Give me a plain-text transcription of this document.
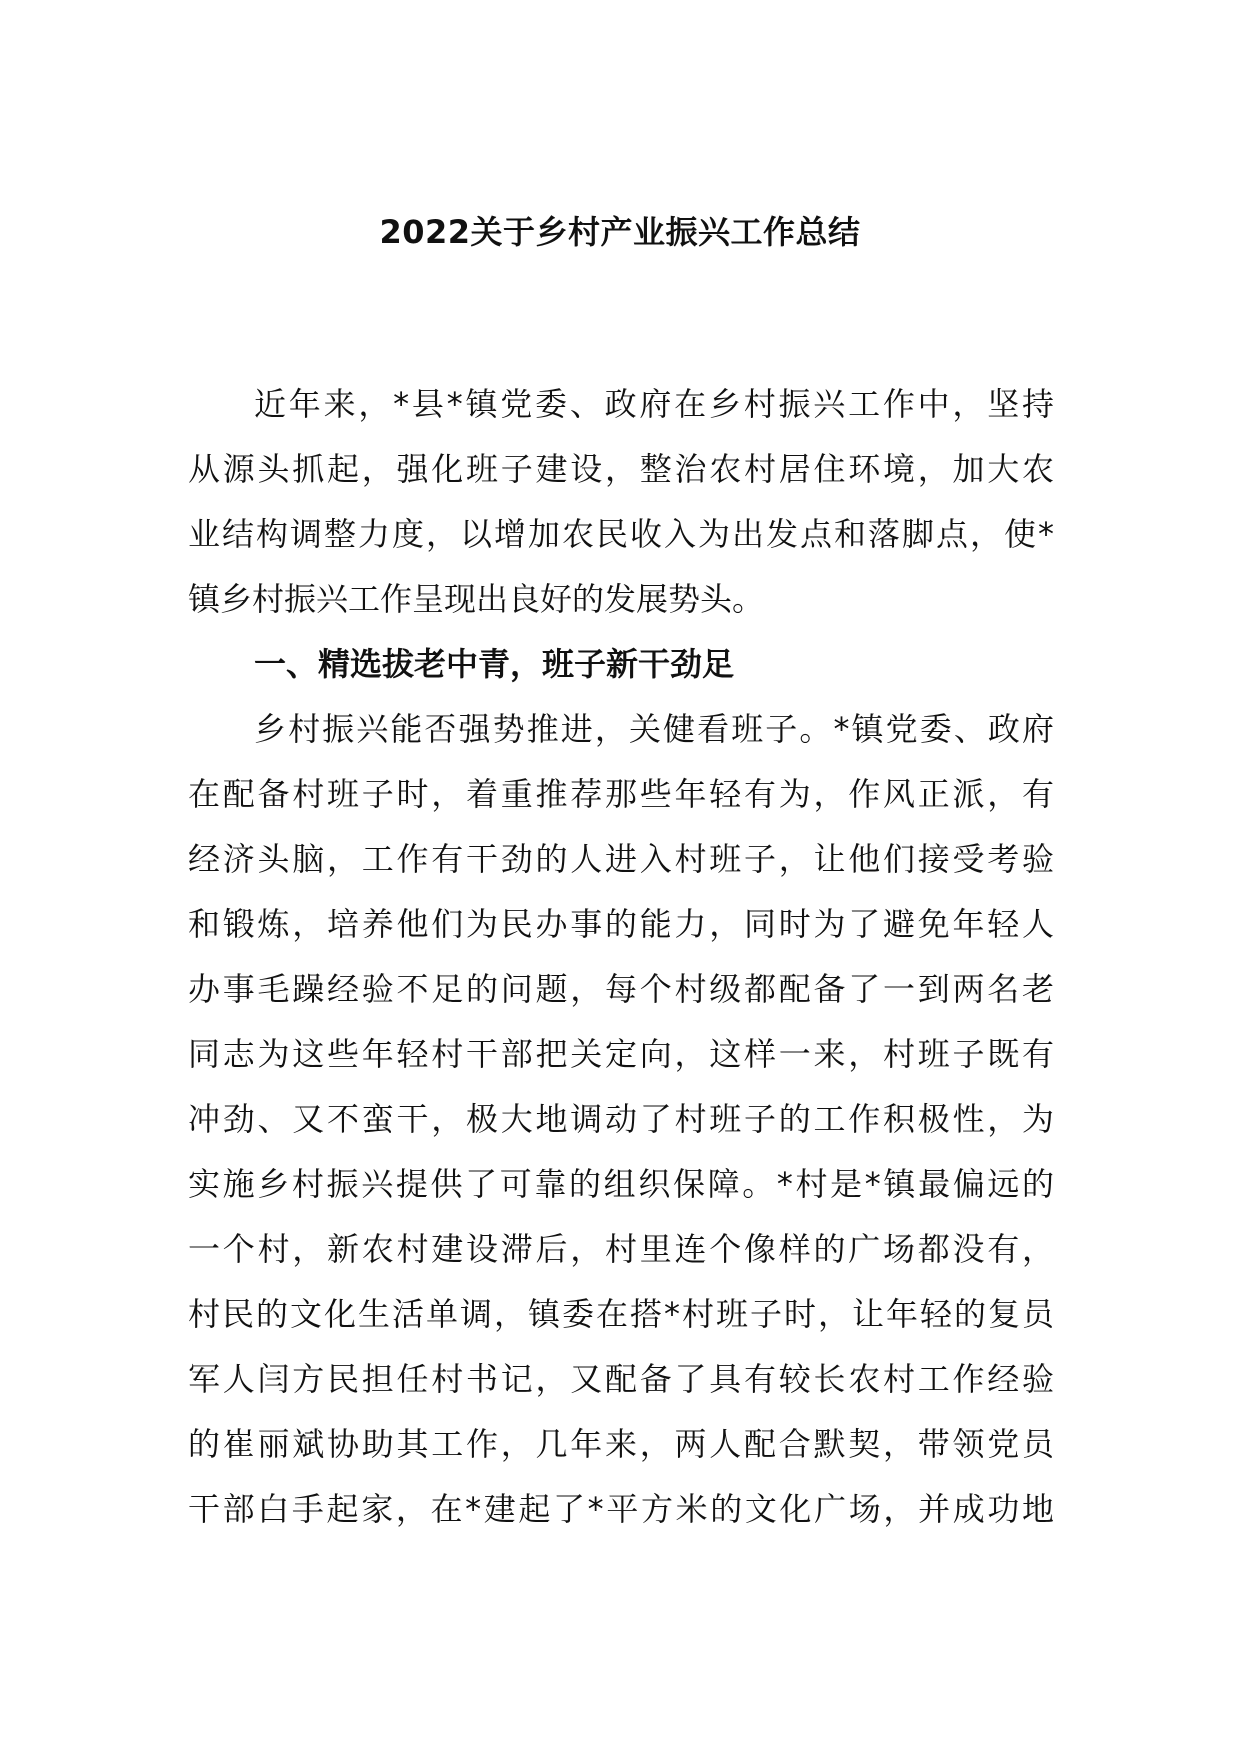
2022关于乡村产业振兴工作总结
近年来，*县*镇党委、政府在乡村振兴工作中，坚持
从源头抓起，强化班子建设，整治农村居住环境，加大农
业结构调整力度，以增加农民收入为出发点和落脚点，使*
镇乡村振兴工作呈现出良好的发展势头。
一、精选拔老中青，班子新干劲足
乡村振兴能否强势推进，关健看班子。*镇党委、政府
在配备村班子时，着重推荐那些年轻有为，作风正派，有
经济头脑，工作有干劲的人进入村班子，让他们接受考验
和锻炼，培养他们为民办事的能力，同时为了避免年轻人
办事毛躁经验不足的问题，每个村级都配备了一到两名老
同志为这些年轻村干部把关定向，这样一来，村班子既有
冲劲、又不蛮干，极大地调动了村班子的工作积极性，为
实施乡村振兴提供了可靠的组织保障。*村是*镇最偏远的
一个村，新农村建设滞后，村里连个像样的广场都没有，
村民的文化生活单调，镇委在搭*村班子时，让年轻的复员
军人闫方民担任村书记，又配备了具有较长农村工作经验
的崔丽斌协助其工作，几年来，两人配合默契，带领党员
干部白手起家，在*建起了*平方米的文化广场，并成功地
